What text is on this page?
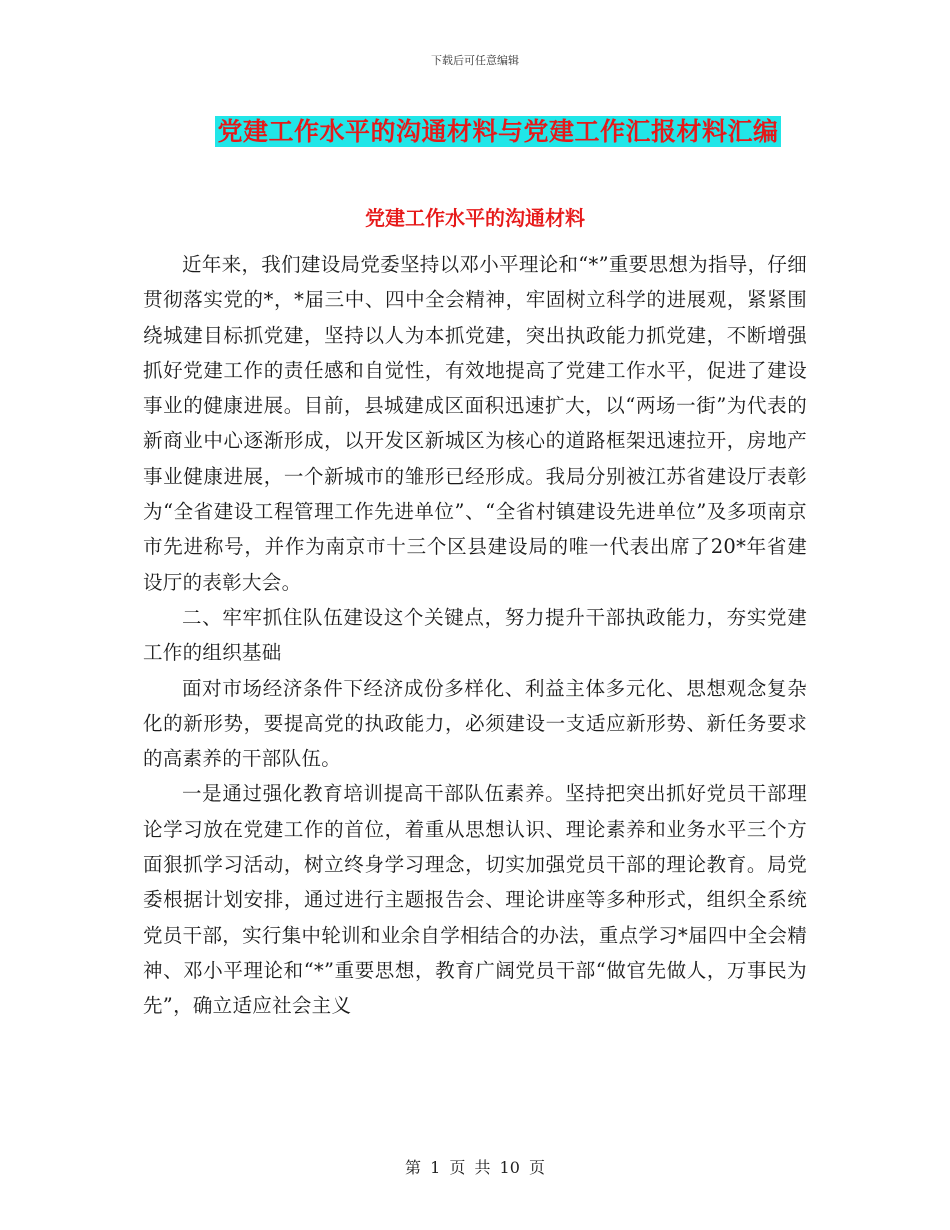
下载后可任意编辑
党建工作水平的沟通材料与党建工作汇报材料汇编
党建工作水平的沟通材料

近年来，我们建设局党委坚持以邓小平理论和“*”重要思想为指导，仔细贯彻落实党的*，*届三中、四中全会精神，牢固树立科学的进展观，紧紧围绕城建目标抓党建，坚持以人为本抓党建，突出执政能力抓党建，不断增强抓好党建工作的责任感和自觉性，有效地提高了党建工作水平，促进了建设事业的健康进展。目前，县城建成区面积迅速扩大，以“两场一街”为代表的新商业中心逐渐形成，以开发区新城区为核心的道路框架迅速拉开，房地产事业健康进展，一个新城市的雏形已经形成。我局分别被江苏省建设厅表彰为“全省建设工程管理工作先进单位”、“全省村镇建设先进单位”及多项南京市先进称号，并作为南京市十三个区县建设局的唯一代表出席了20*年省建设厅的表彰大会。

二、牢牢抓住队伍建设这个关键点，努力提升干部执政能力，夯实党建工作的组织基础

面对市场经济条件下经济成份多样化、利益主体多元化、思想观念复杂化的新形势，要提高党的执政能力，必须建设一支适应新形势、新任务要求的高素养的干部队伍。

一是通过强化教育培训提高干部队伍素养。坚持把突出抓好党员干部理论学习放在党建工作的首位，着重从思想认识、理论素养和业务水平三个方面狠抓学习活动，树立终身学习理念，切实加强党员干部的理论教育。局党委根据计划安排，通过进行主题报告会、理论讲座等多种形式，组织全系统党员干部，实行集中轮训和业余自学相结合的办法，重点学习*届四中全会精神、邓小平理论和“*”重要思想，教育广阔党员干部“做官先做人，万事民为先”，确立适应社会主义

第 1 页 共 10 页
